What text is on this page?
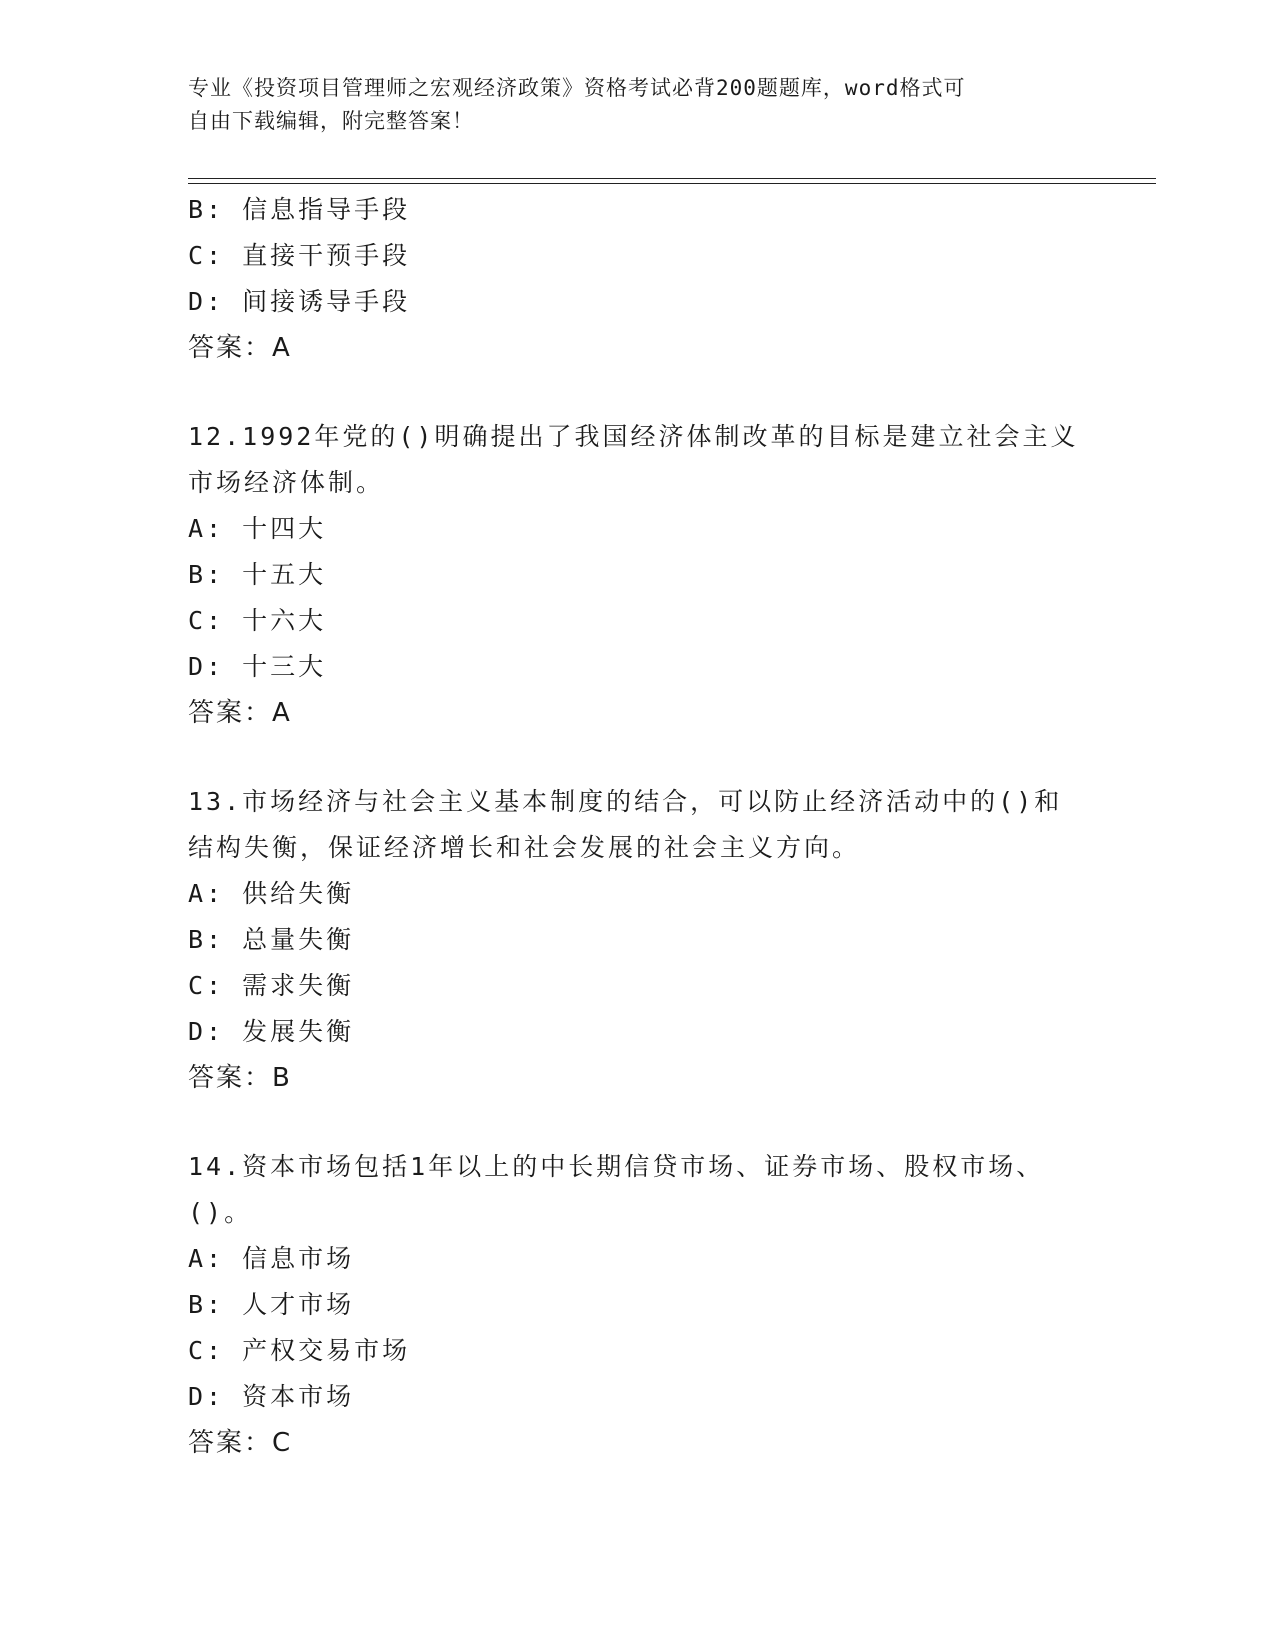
专业《投资项目管理师之宏观经济政策》资格考试必背200题题库，word格式可
自由下载编辑，附完整答案！
B: 信息指导手段
C: 直接干预手段
D: 间接诱导手段
答案：A
12.1992年党的()明确提出了我国经济体制改革的目标是建立社会主义
市场经济体制。
A: 十四大
B: 十五大
C: 十六大
D: 十三大
答案：A
13.市场经济与社会主义基本制度的结合，可以防止经济活动中的()和
结构失衡，保证经济增长和社会发展的社会主义方向。
A: 供给失衡
B: 总量失衡
C: 需求失衡
D: 发展失衡
答案：B
14.资本市场包括1年以上的中长期信贷市场、证券市场、股权市场、
()。
A: 信息市场
B: 人才市场
C: 产权交易市场
D: 资本市场
答案：C
